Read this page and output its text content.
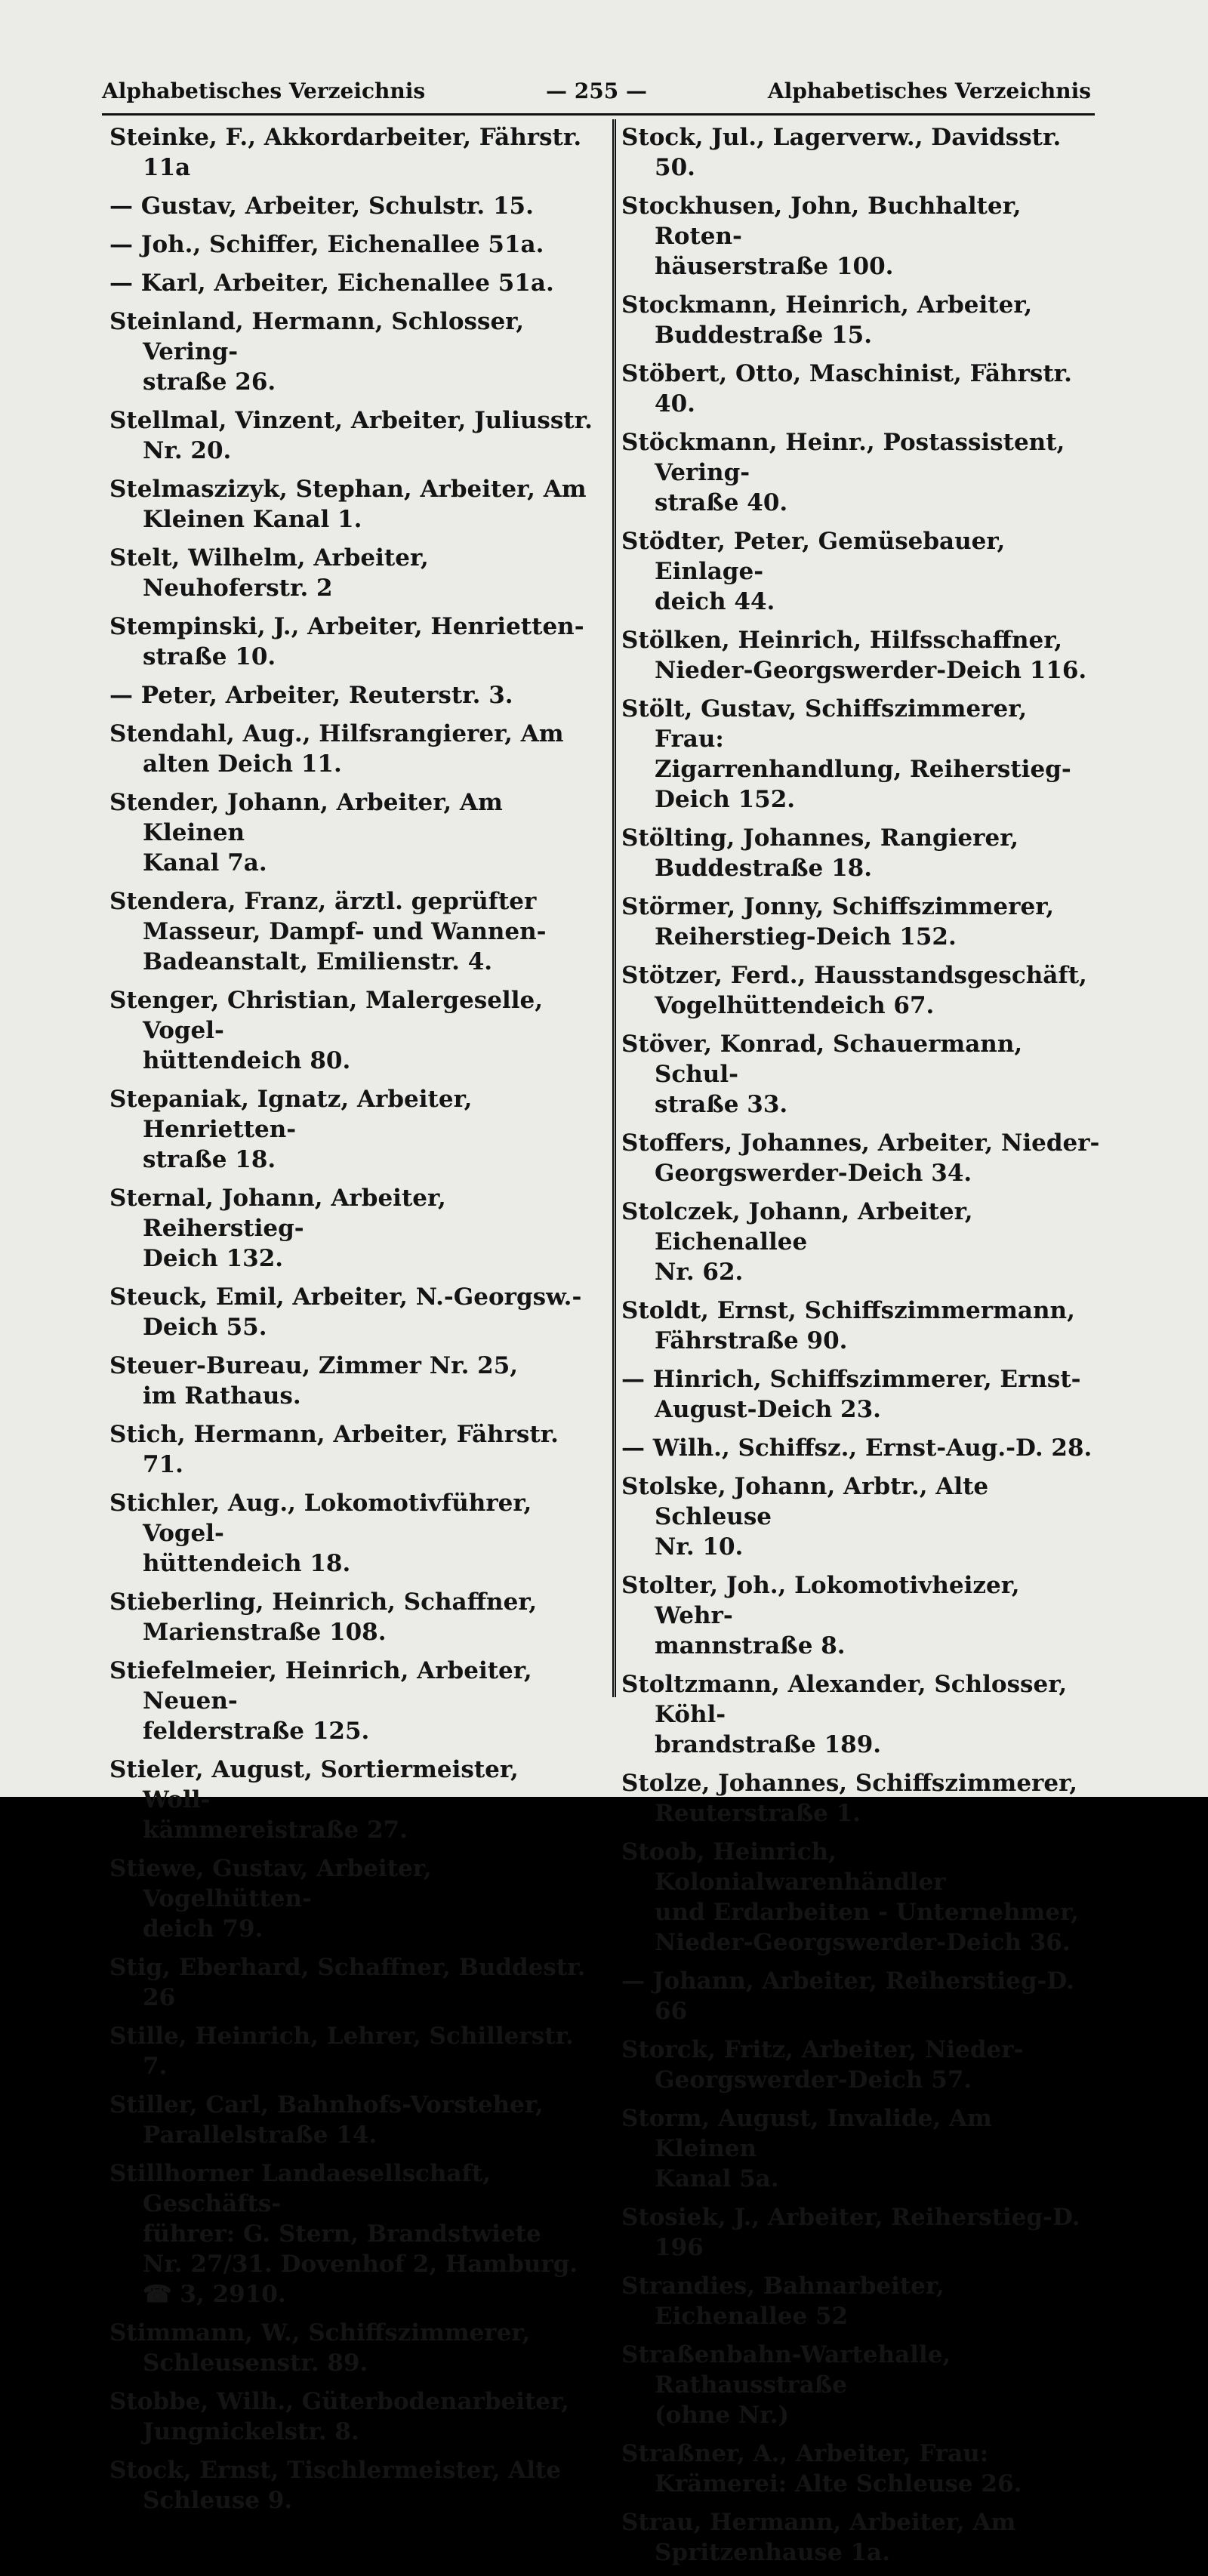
Alphabetisches Verzeichnis	— 255 —	Alphabetisches Verzeichnis
Steinke, F., Akkordarbeiter, Fährstr. 11a
— Gustav, Arbeiter, Schulstr. 15.
— Joh., Schiffer, Eichenallee 51a.
— Karl, Arbeiter, Eichenallee 51a.
Steinland, Hermann, Schlosser, Vering-
straße 26.
Stellmal, Vinzent, Arbeiter, Juliusstr.
Nr. 20.
Stelmaszizyk, Stephan, Arbeiter, Am
Kleinen Kanal 1.
Stelt, Wilhelm, Arbeiter, Neuhoferstr. 2
Stempinski, J., Arbeiter, Henrietten-
straße 10.
— Peter, Arbeiter, Reuterstr. 3.
Stendahl, Aug., Hilfsrangierer, Am
alten Deich 11.
Stender, Johann, Arbeiter, Am Kleinen
Kanal 7a.
Stendera, Franz, ärztl. geprüfter
Masseur, Dampf- und Wannen-
Badeanstalt, Emilienstr. 4.
Stenger, Christian, Malergeselle, Vogel-
hüttendeich 80.
Stepaniak, Ignatz, Arbeiter, Henrietten-
straße 18.
Sternal, Johann, Arbeiter, Reiherstieg-
Deich 132.
Steuck, Emil, Arbeiter, N.-Georgsw.-
Deich 55.
Steuer-Bureau, Zimmer Nr. 25,
im Rathaus.
Stich, Hermann, Arbeiter, Fährstr. 71.
Stichler, Aug., Lokomotivführer, Vogel-
hüttendeich 18.
Stieberling, Heinrich, Schaffner,
Marienstraße 108.
Stiefelmeier, Heinrich, Arbeiter, Neuen-
felderstraße 125.
Stieler, August, Sortiermeister, Woll-
kämmereistraße 27.
Stiewe, Gustav, Arbeiter, Vogelhütten-
deich 79.
Stig, Eberhard, Schaffner, Buddestr. 26
Stille, Heinrich, Lehrer, Schillerstr. 7.
Stiller, Carl, Bahnhofs-Vorsteher,
Parallelstraße 14.
Stillhorner Landaesellschaft, Geschäfts-
führer: G. Stern, Brandstwiete
Nr. 27/31. Dovenhof 2, Hamburg.
☎ 3, 2910.
Stimmann, W., Schiffszimmerer,
Schleusenstr. 89.
Stobbe, Wilh., Güterbodenarbeiter,
Jungnickelstr. 8.
Stock, Ernst, Tischlermeister, Alte
Schleuse 9.
Stock, Jul., Lagerverw., Davidsstr. 50.
Stockhusen, John, Buchhalter, Roten-
häuserstraße 100.
Stockmann, Heinrich, Arbeiter,
Buddestraße 15.
Stöbert, Otto, Maschinist, Fährstr. 40.
Stöckmann, Heinr., Postassistent, Vering-
straße 40.
Stödter, Peter, Gemüsebauer, Einlage-
deich 44.
Stölken, Heinrich, Hilfsschaffner,
Nieder-Georgswerder-Deich 116.
Stölt, Gustav, Schiffszimmerer, Frau:
Zigarrenhandlung, Reiherstieg-
Deich 152.
Stölting, Johannes, Rangierer,
Buddestraße 18.
Störmer, Jonny, Schiffszimmerer,
Reiherstieg-Deich 152.
Stötzer, Ferd., Hausstandsgeschäft,
Vogelhüttendeich 67.
Stöver, Konrad, Schauermann, Schul-
straße 33.
Stoffers, Johannes, Arbeiter, Nieder-
Georgswerder-Deich 34.
Stolczek, Johann, Arbeiter, Eichenallee
Nr. 62.
Stoldt, Ernst, Schiffszimmermann,
Fährstraße 90.
— Hinrich, Schiffszimmerer, Ernst-
August-Deich 23.
— Wilh., Schiffsz., Ernst-Aug.-D. 28.
Stolske, Johann, Arbtr., Alte Schleuse
Nr. 10.
Stolter, Joh., Lokomotivheizer, Wehr-
mannstraße 8.
Stoltzmann, Alexander, Schlosser, Köhl-
brandstraße 189.
Stolze, Johannes, Schiffszimmerer,
Reuterstraße 1.
Stoob, Heinrich, Kolonialwarenhändler
und Erdarbeiten - Unternehmer,
Nieder-Georgswerder-Deich 36.
— Johann, Arbeiter, Reiherstieg-D. 66
Storck, Fritz, Arbeiter, Nieder-
Georgswerder-Deich 57.
Storm, August, Invalide, Am Kleinen
Kanal 5a.
Stosiek, J., Arbeiter, Reiherstieg-D. 196
Strandies, Bahnarbeiter, Eichenallee 52
Straßenbahn-Wartehalle, Rathausstraße
(ohne Nr.)
Straßner, A., Arbeiter, Frau:
Krämerei: Alte Schleuse 26.
Strau, Hermann, Arbeiter, Am
Spritzenhause 1a.
